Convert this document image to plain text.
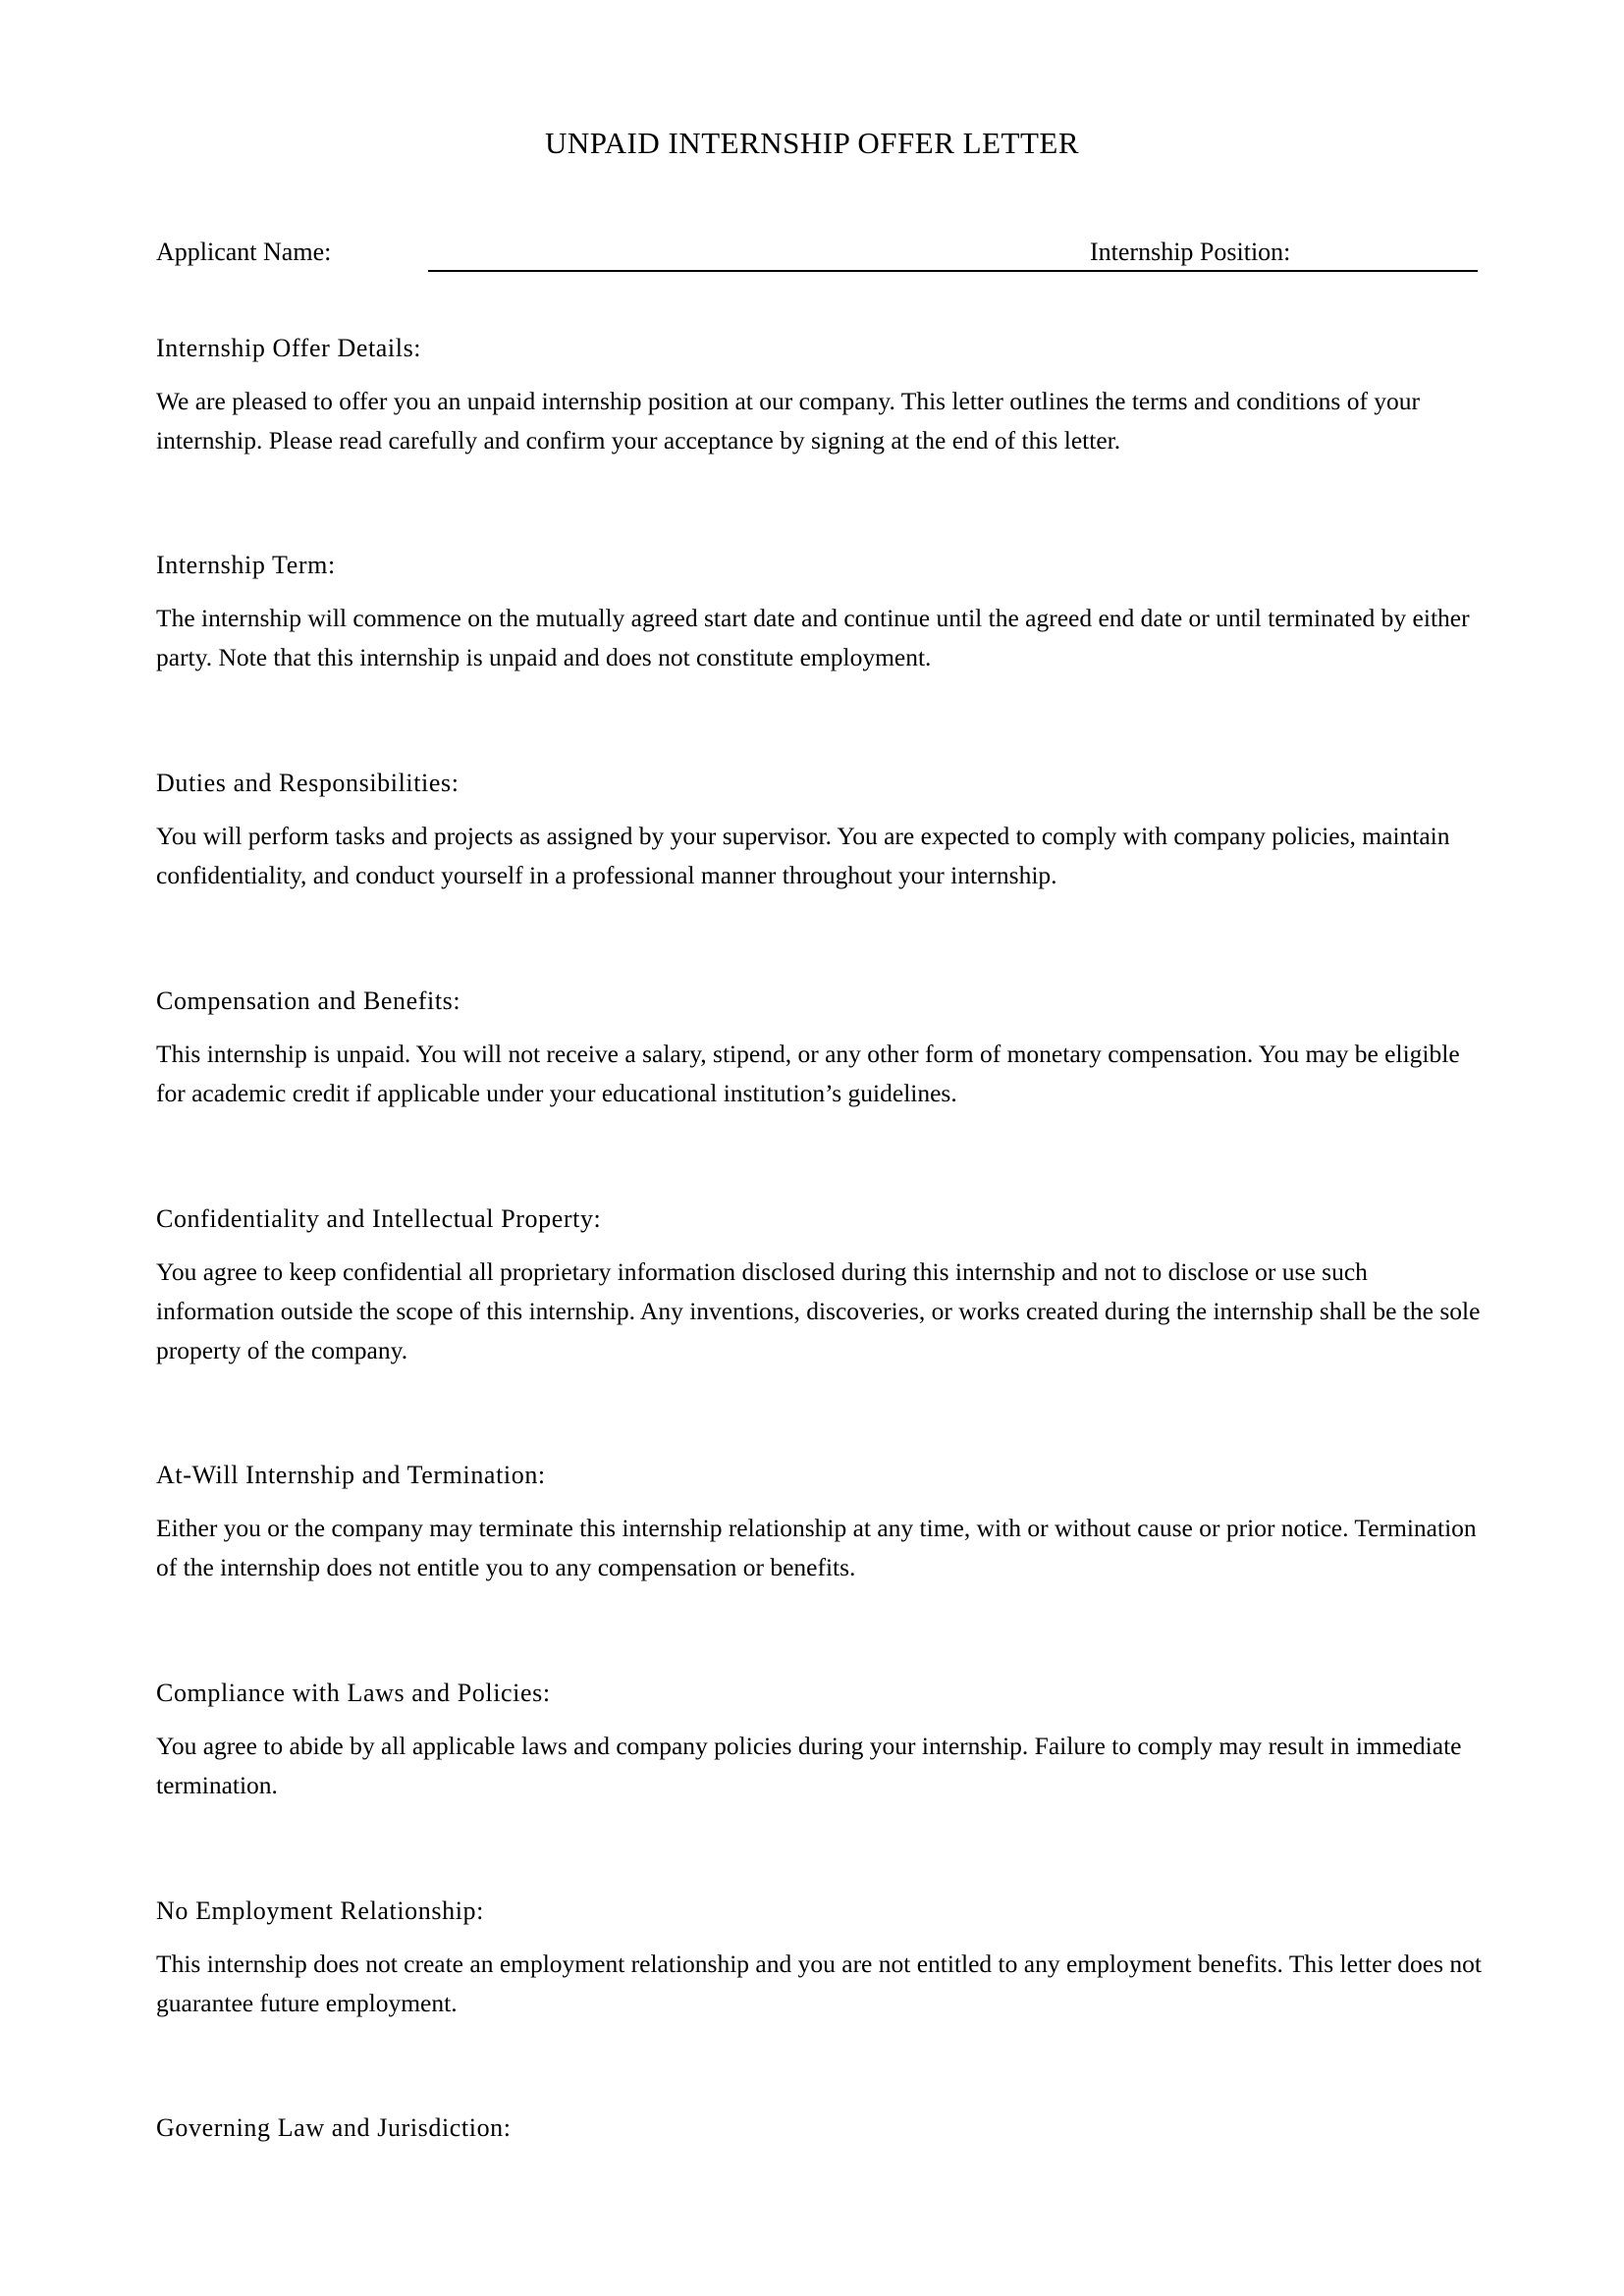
UNPAID INTERNSHIP OFFER LETTER
Applicant Name:	Internship Position:
Internship Offer Details:

We are pleased to offer you an unpaid internship position at our company. This letter outlines the terms and conditions of your internship. Please read carefully and confirm your acceptance by signing at the end of this letter.

Internship Term:

The internship will commence on the mutually agreed start date and continue until the agreed end date or until terminated by either party. Note that this internship is unpaid and does not constitute employment.

Duties and Responsibilities:

You will perform tasks and projects as assigned by your supervisor. You are expected to comply with company policies, maintain confidentiality, and conduct yourself in a professional manner throughout your internship.

Compensation and Benefits:

This internship is unpaid. You will not receive a salary, stipend, or any other form of monetary compensation. You may be eligible for academic credit if applicable under your educational institution’s guidelines.

Confidentiality and Intellectual Property:

You agree to keep confidential all proprietary information disclosed during this internship and not to disclose or use such information outside the scope of this internship. Any inventions, discoveries, or works created during the internship shall be the sole property of the company.

At-Will Internship and Termination:

Either you or the company may terminate this internship relationship at any time, with or without cause or prior notice. Termination of the internship does not entitle you to any compensation or benefits.

Compliance with Laws and Policies:

You agree to abide by all applicable laws and company policies during your internship. Failure to comply may result in immediate termination.

No Employment Relationship:

This internship does not create an employment relationship and you are not entitled to any employment benefits. This letter does not guarantee future employment.

Governing Law and Jurisdiction:
